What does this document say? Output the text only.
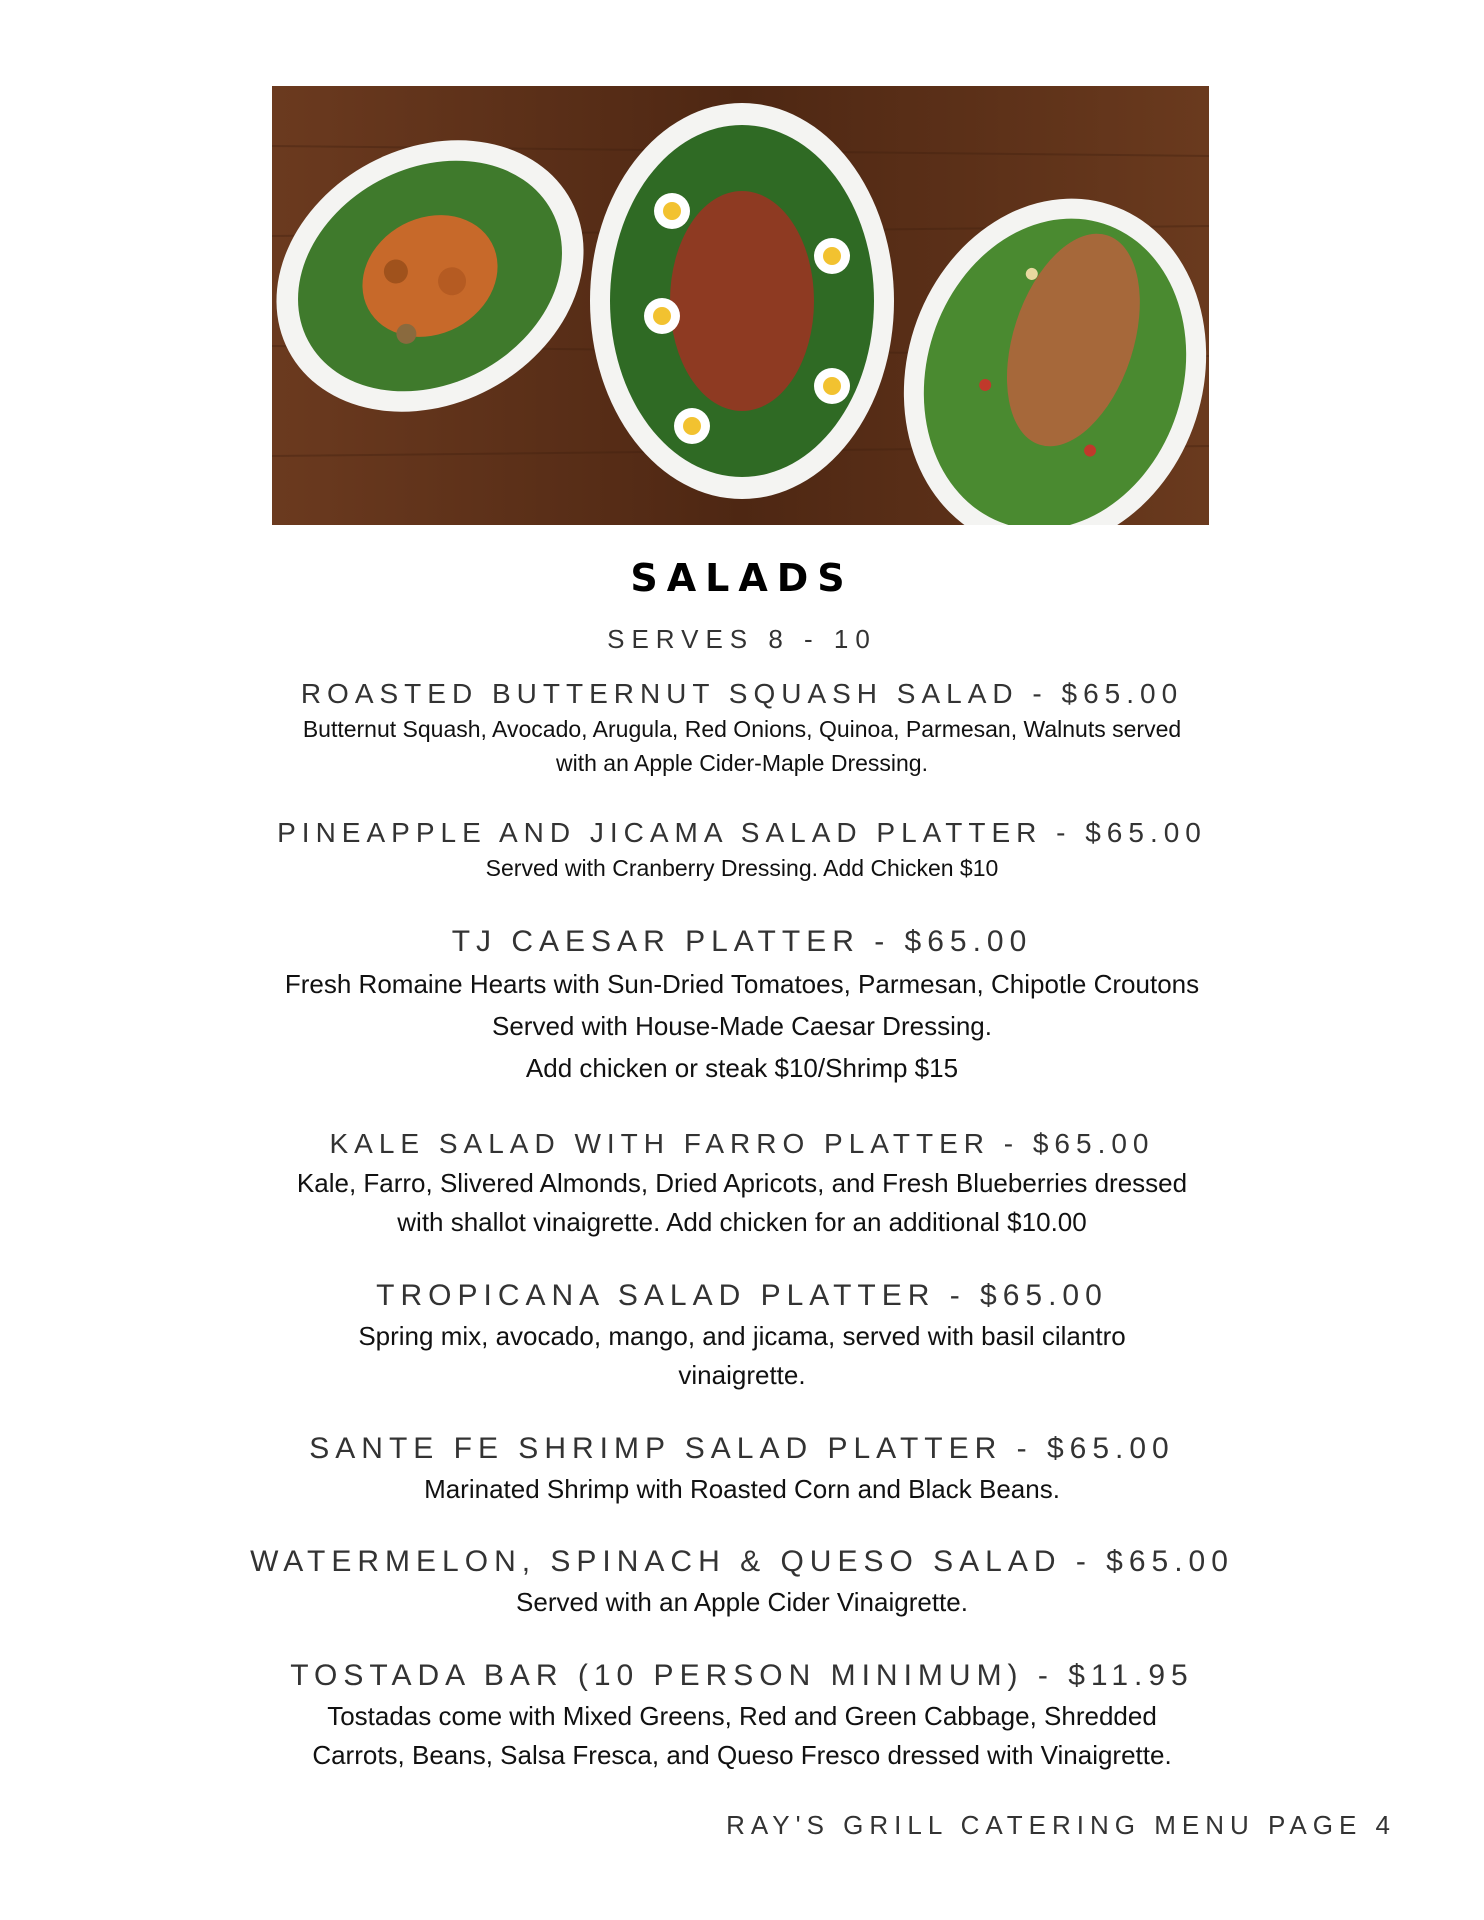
SALADS
SERVES 8 - 10
ROASTED BUTTERNUT SQUASH SALAD - $65.00
Butternut Squash, Avocado, Arugula, Red Onions, Quinoa, Parmesan, Walnuts served
with an Apple Cider-Maple Dressing.
PINEAPPLE AND JICAMA SALAD PLATTER - $65.00
Served with Cranberry Dressing. Add Chicken $10
TJ CAESAR PLATTER - $65.00
Fresh Romaine Hearts with Sun-Dried Tomatoes, Parmesan, Chipotle Croutons
Served with House-Made Caesar Dressing.
Add chicken or steak $10/Shrimp $15
KALE SALAD WITH FARRO PLATTER - $65.00
Kale, Farro, Slivered Almonds, Dried Apricots, and Fresh Blueberries dressed
with shallot vinaigrette. Add chicken for an additional $10.00
TROPICANA SALAD PLATTER - $65.00
Spring mix, avocado, mango, and jicama, served with basil cilantro
vinaigrette.
SANTE FE SHRIMP SALAD PLATTER - $65.00
Marinated Shrimp with Roasted Corn and Black Beans.
WATERMELON, SPINACH & QUESO SALAD - $65.00
Served with an Apple Cider Vinaigrette.
TOSTADA BAR (10 PERSON MINIMUM) - $11.95
Tostadas come with Mixed Greens, Red and Green Cabbage, Shredded
Carrots, Beans, Salsa Fresca, and Queso Fresco dressed with Vinaigrette.
RAY'S GRILL CATERING MENU PAGE 4
